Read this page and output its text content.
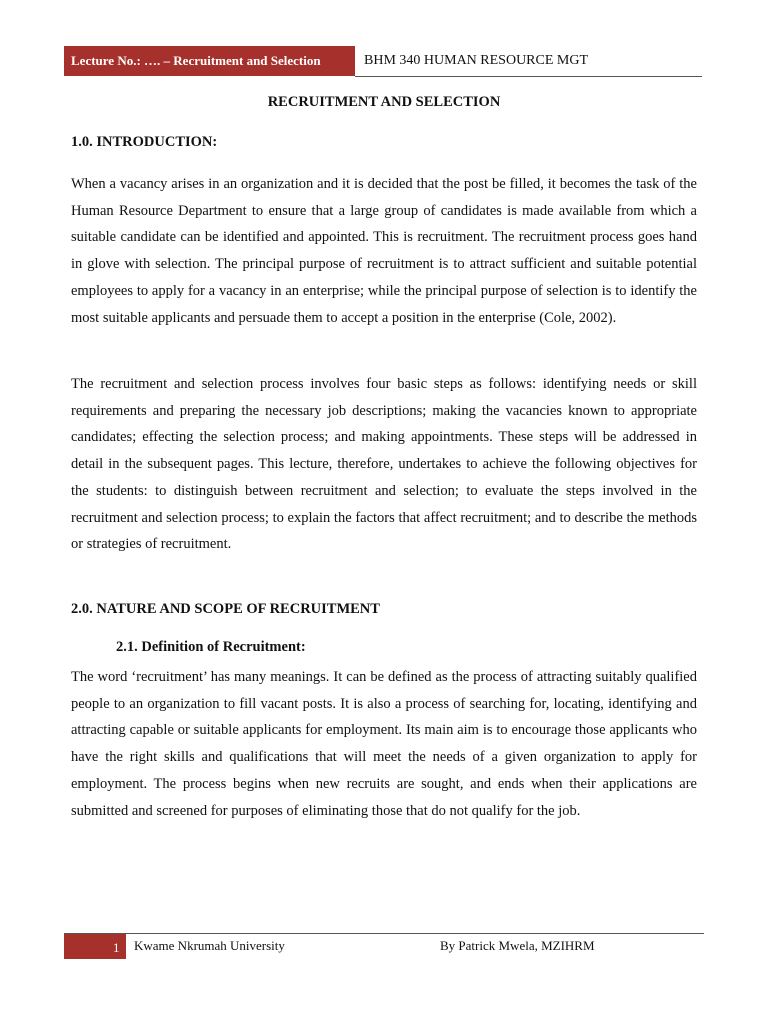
Lecture No.: …. – Recruitment and Selection	BHM 340 HUMAN RESOURCE MGT
RECRUITMENT AND SELECTION
1.0. INTRODUCTION:

When a vacancy arises in an organization and it is decided that the post be filled, it becomes the task of the Human Resource Department to ensure that a large group of candidates is made available from which a suitable candidate can be identified and appointed. This is recruitment. The recruitment process goes hand in glove with selection. The principal purpose of recruitment is to attract sufficient and suitable potential employees to apply for a vacancy in an enterprise; while the principal purpose of selection is to identify the most suitable applicants and persuade them to accept a position in the enterprise (Cole, 2002).

The recruitment and selection process involves four basic steps as follows: identifying needs or skill requirements and preparing the necessary job descriptions; making the vacancies known to appropriate candidates; effecting the selection process; and making appointments. These steps will be addressed in detail in the subsequent pages. This lecture, therefore, undertakes to achieve the following objectives for the students: to distinguish between recruitment and selection; to evaluate the steps involved in the recruitment and selection process; to explain the factors that affect recruitment; and to describe the methods or strategies of recruitment.

2.0. NATURE AND SCOPE OF RECRUITMENT
2.1. Definition of Recruitment:

The word ‘recruitment’ has many meanings. It can be defined as the process of attracting suitably qualified people to an organization to fill vacant posts. It is also a process of searching for, locating, identifying and attracting capable or suitable applicants for employment. Its main aim is to encourage those applicants who have the right skills and qualifications that will meet the needs of a given organization to apply for employment. The process begins when new recruits are sought, and ends when their applications are submitted and screened for purposes of eliminating those that do not qualify for the job.

1 Kwame Nkrumah University	By Patrick Mwela, MZIHRM
